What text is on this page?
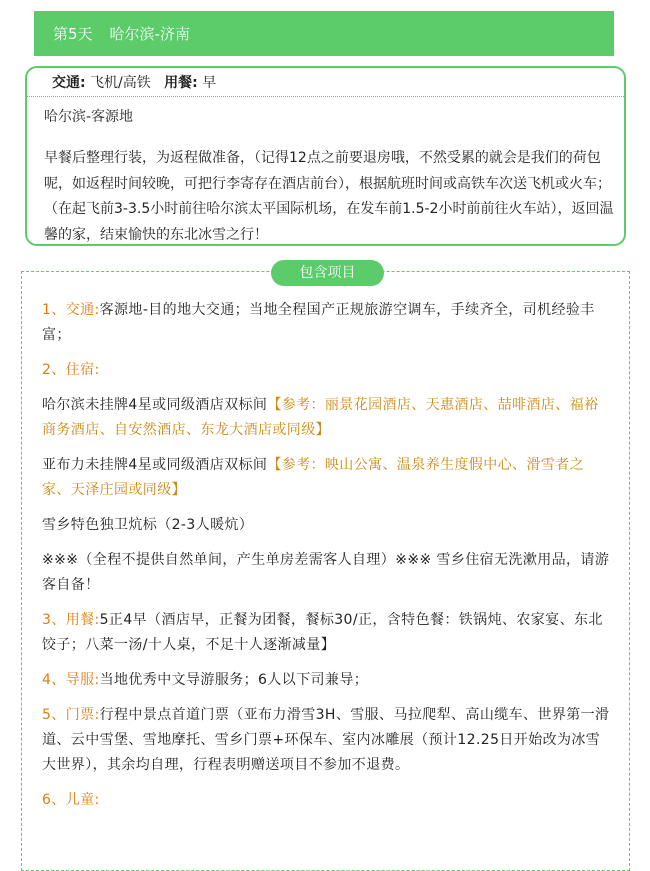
第5天 哈尔滨-济南
交通: 飞机/高铁 用餐: 早
哈尔滨-客源地

早餐后整理行装，为返程做准备，（记得12点之前要退房哦，不然受累的就会是我们的荷包呢，如返程时间较晚，可把行李寄存在酒店前台），根据航班时间或高铁车次送飞机或火车；（在起飞前3-3.5小时前往哈尔滨太平国际机场，在发车前1.5-2小时前前往火车站），返回温馨的家，结束愉快的东北冰雪之行！

包含项目

1、交通:客源地-目的地大交通；当地全程国产正规旅游空调车，手续齐全，司机经验丰富；

2、住宿:

哈尔滨未挂牌4星或同级酒店双标间【参考：丽景花园酒店、天惠酒店、喆啡酒店、福裕商务酒店、自安然酒店、东龙大酒店或同级】

亚布力未挂牌4星或同级酒店双标间【参考：映山公寓、温泉养生度假中心、滑雪者之家、天泽庄园或同级】

雪乡特色独卫炕标（2-3人暖炕）

※※※（全程不提供自然单间，产生单房差需客人自理）※※※ 雪乡住宿无洗漱用品，请游客自备！

3、用餐:5正4早（酒店早，正餐为团餐，餐标30/正，含特色餐：铁锅炖、农家宴、东北饺子；八菜一汤/十人桌，不足十人逐渐减量】

4、导服:当地优秀中文导游服务；6人以下司兼导；

5、门票:行程中景点首道门票（亚布力滑雪3H、雪服、马拉爬犁、高山缆车、世界第一滑道、云中雪堡、雪地摩托、雪乡门票+环保车、室内冰雕展（预计12.25日开始改为冰雪大世界），其余均自理，行程表明赠送项目不参加不退费。

6、儿童:
